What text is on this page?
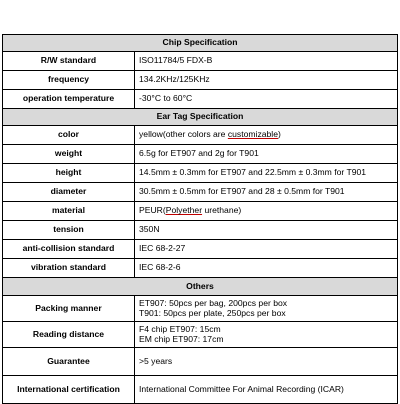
Chip Specification	
R/W standard	ISO11784/5 FDX-B
frequency	134.2KHz/125KHz
operation temperature	-30°C to 60°C
Ear Tag Specification	
color	yellow(other colors are customizable)
weight	6.5g for ET907 and 2g for T901
height	14.5mm ± 0.3mm for ET907 and 22.5mm ± 0.3mm for T901
diameter	30.5mm ± 0.5mm for ET907 and 28 ± 0.5mm for T901
material	PEUR(Polyether urethane)
tension	350N
anti-collision standard	IEC 68-2-27
vibration standard	IEC 68-2-6
Others	
Packing manner	ET907: 50pcs per bag, 200pcs per box
T901: 50pcs per plate, 250pcs per box

Reading distance	F4 chip ET907: 15cm
EM chip ET907: 17cm

Guarantee	>5 years
International certification	International Committee For Animal Recording (ICAR)
